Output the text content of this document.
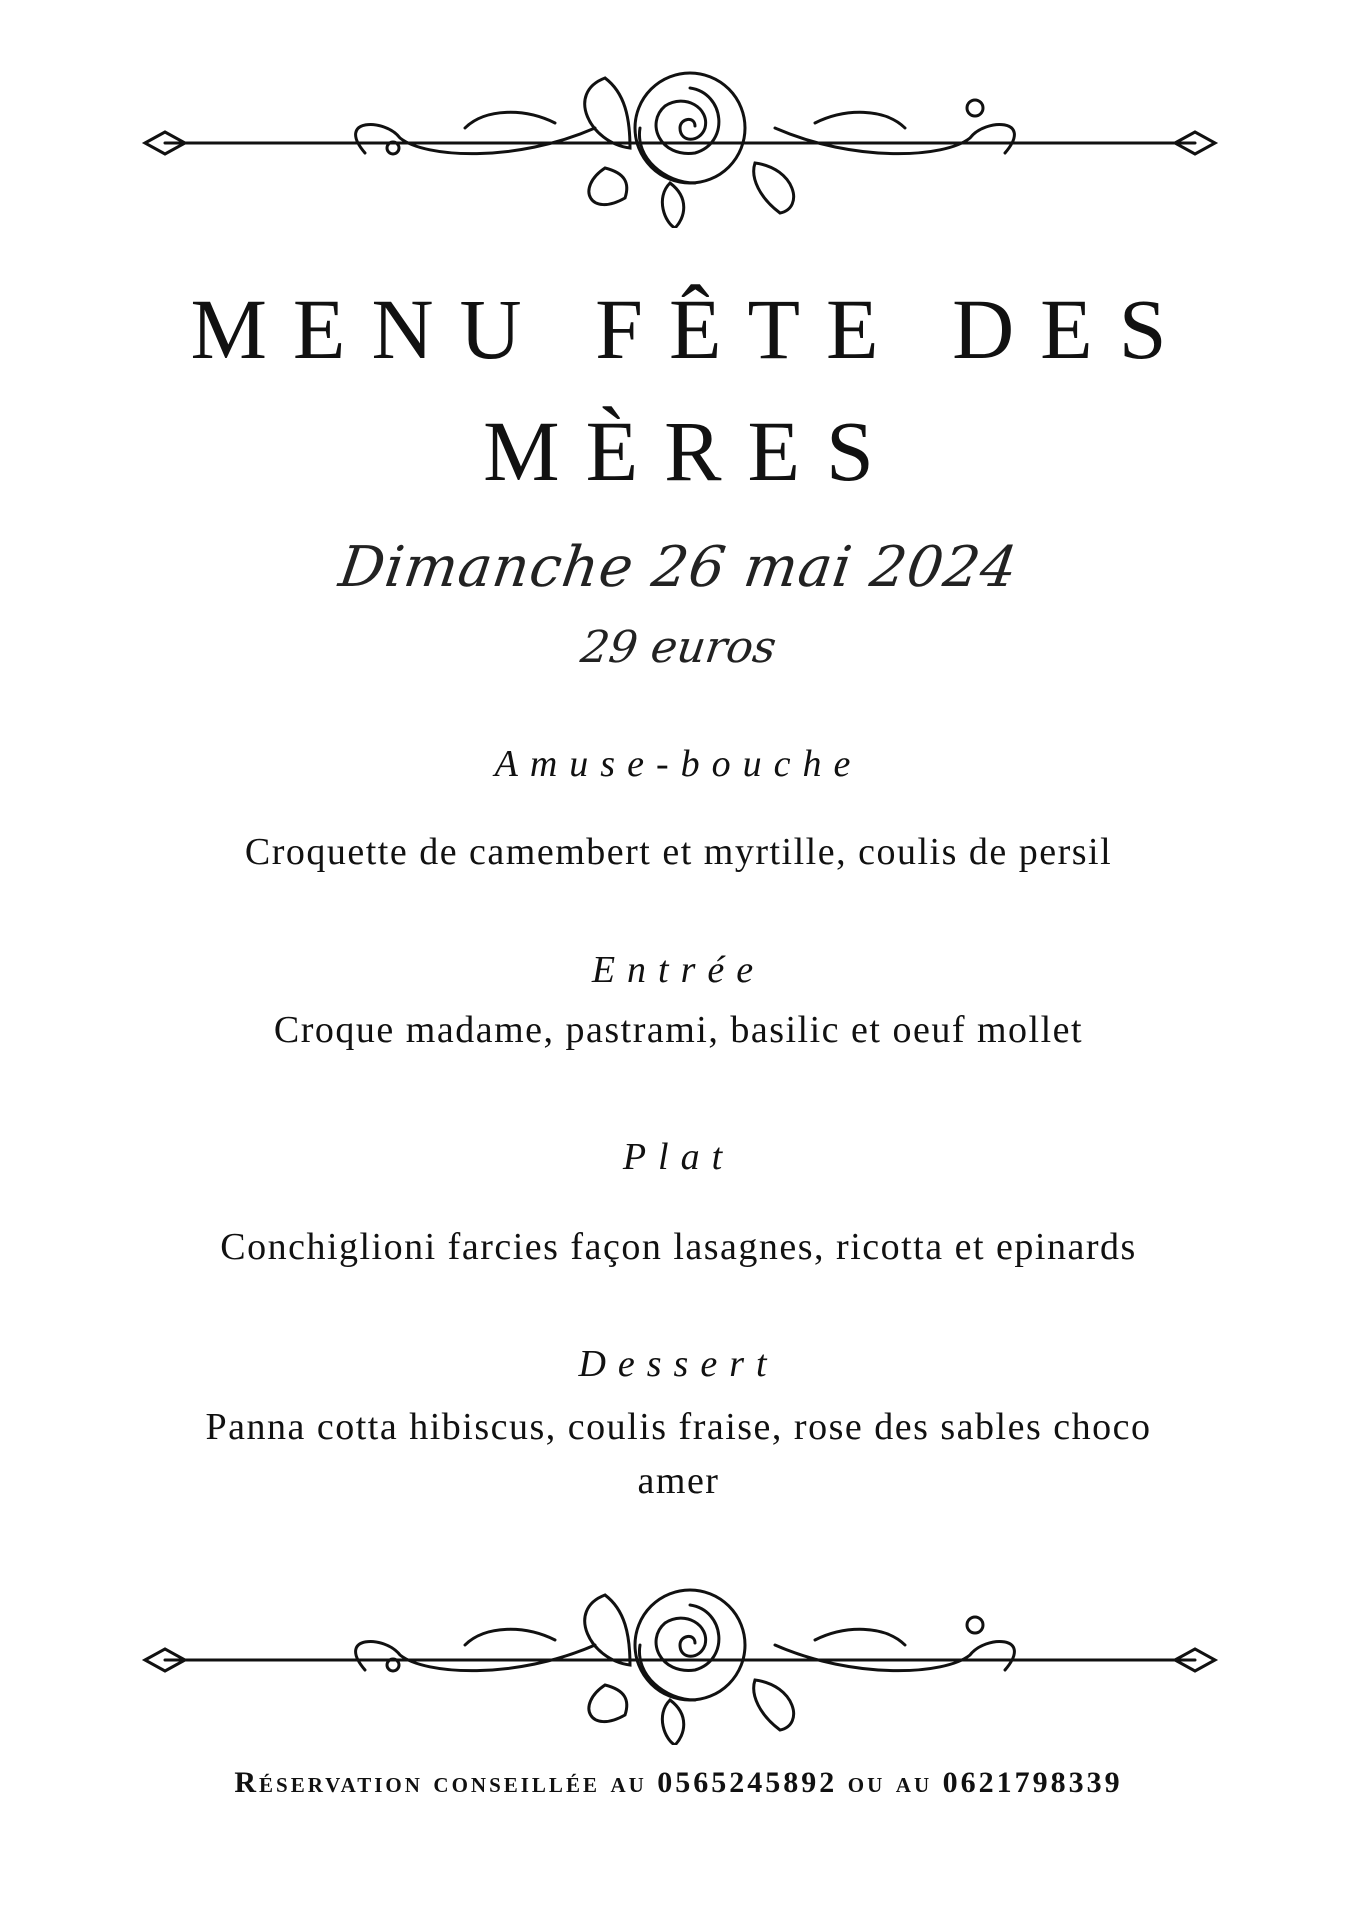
MENU FÊTE DES
MÈRES
Dimanche 26 mai 2024
29 euros
Amuse-bouche
Croquette de camembert et myrtille, coulis de persil
Entrée
Croque madame, pastrami, basilic et oeuf mollet
Plat
Conchiglioni farcies façon lasagnes, ricotta et epinards
Dessert
Panna cotta hibiscus, coulis fraise, rose des sables choco amer
Réservation conseillée au 0565245892 ou au 0621798339
